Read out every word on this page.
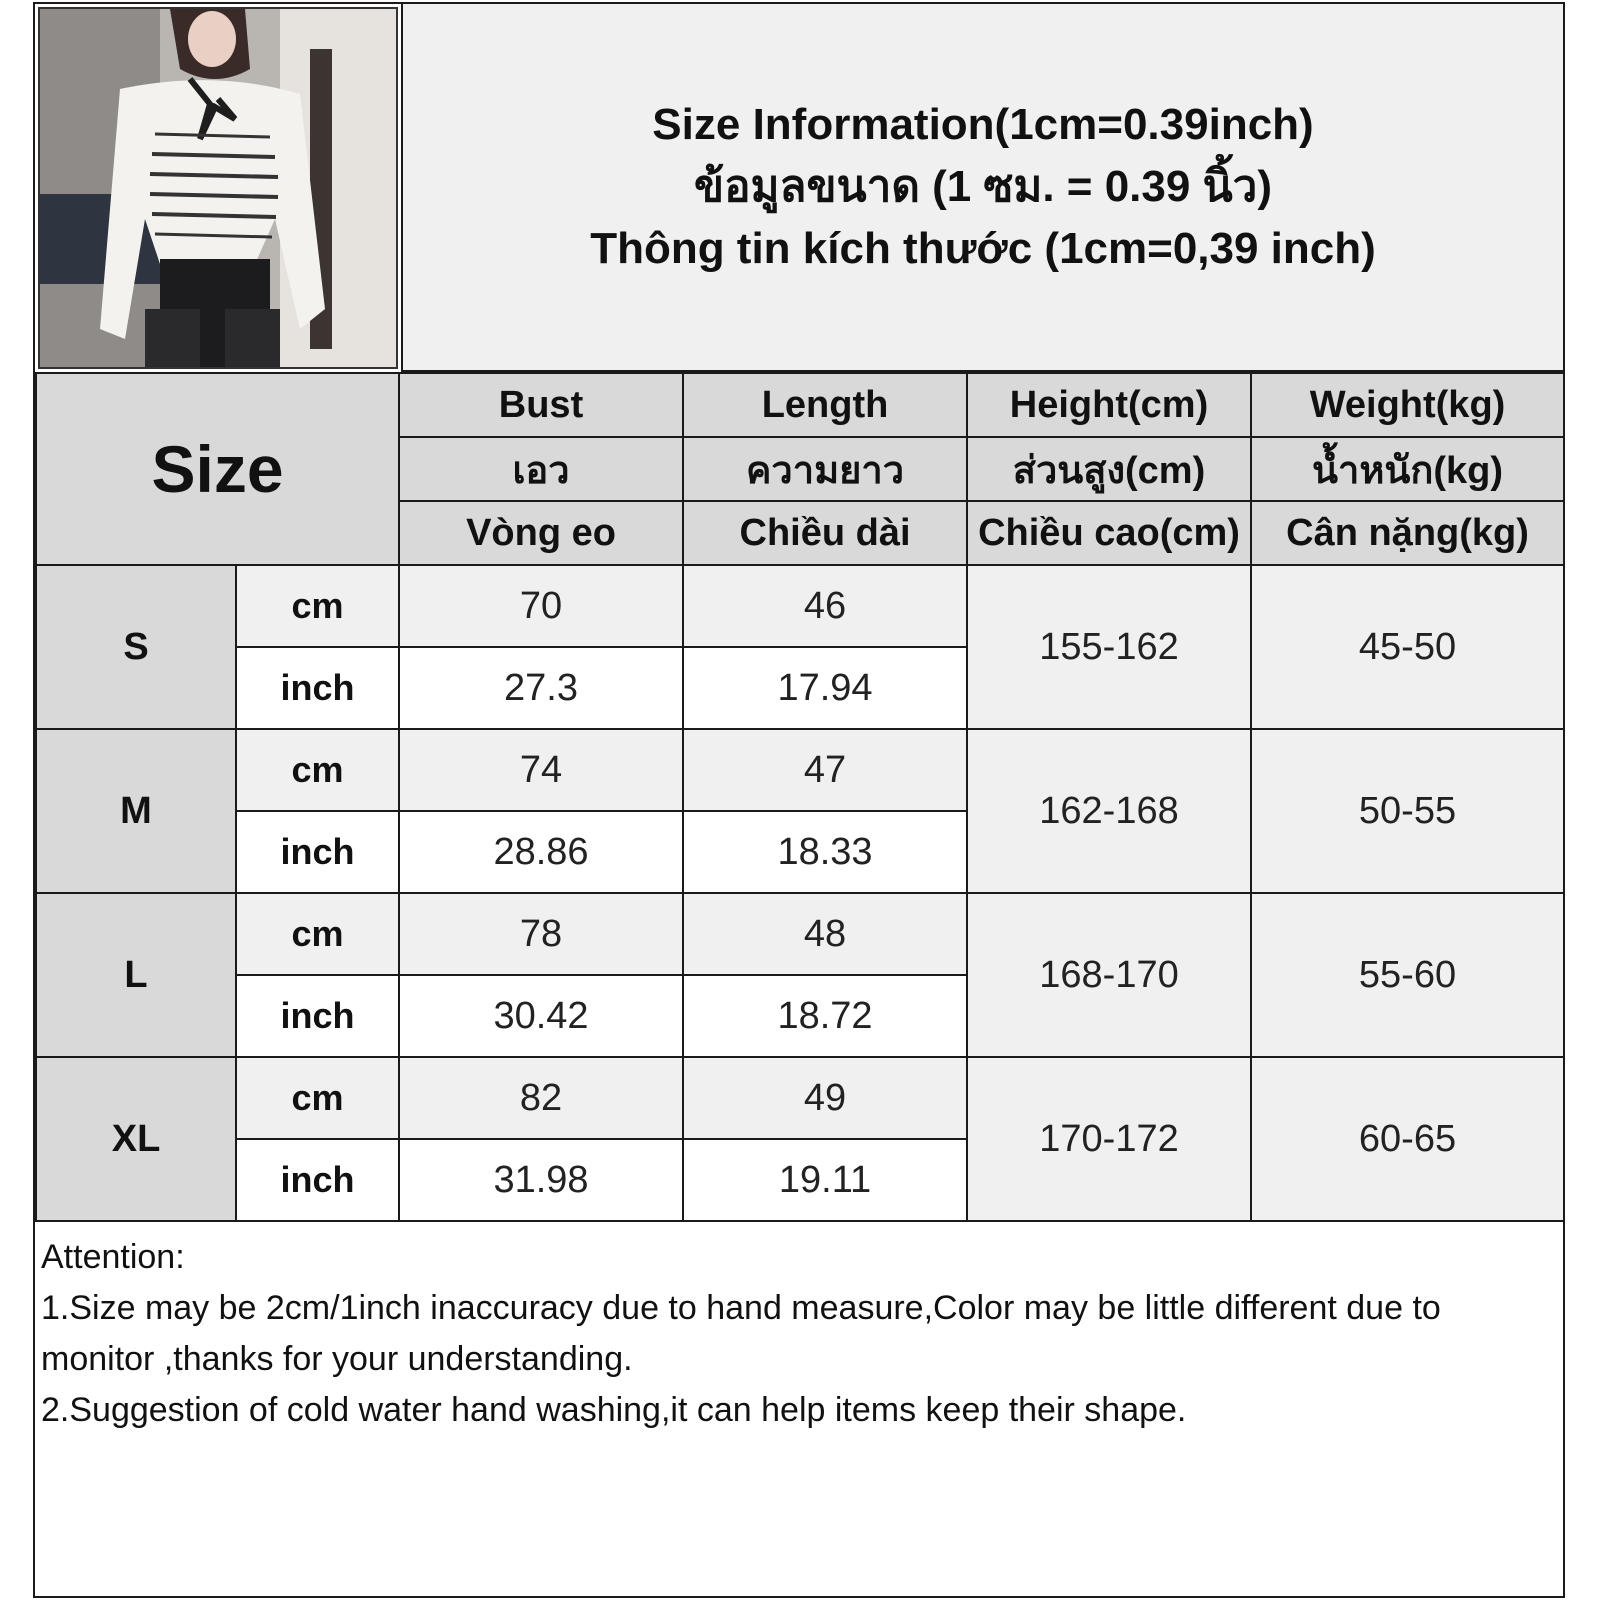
Size Information(1cm=0.39inch)
ข้อมูลขนาด (1 ซม. = 0.39 นิ้ว)
Thông tin kích thước (1cm=0,39 inch)
Size		Bust	Length	Height(cm)	Weight(kg)
		เอว	ความยาว	ส่วนสูง(cm)	น้ำหนัก(kg)
		Vòng eo	Chiều dài	Chiều cao(cm)	Cân nặng(kg)
S	cm	70	46	155-162	45-50
	inch	27.3	17.94		
M	cm	74	47	162-168	50-55
	inch	28.86	18.33		
L	cm	78	48	168-170	55-60
	inch	30.42	18.72		
XL	cm	82	49	170-172	60-65
	inch	31.98	19.11		
Attention:
1.Size may be 2cm/1inch inaccuracy due to hand measure,Color may be little different due to monitor ,thanks for your understanding.
2.Suggestion of cold water hand washing,it can help items keep their shape.
